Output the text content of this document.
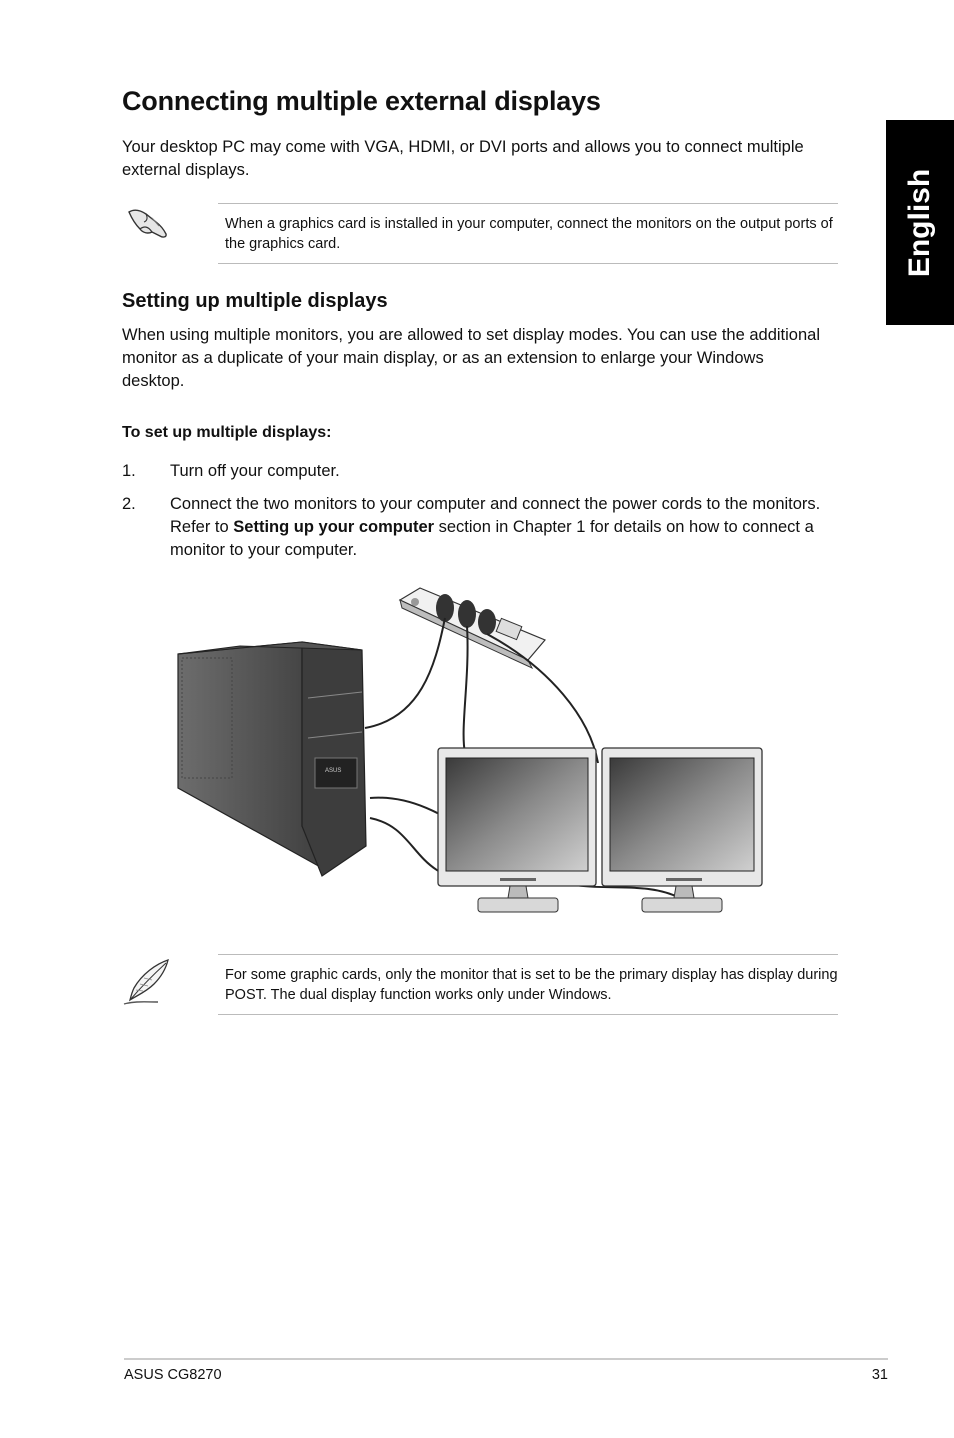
Connecting multiple external displays
Your desktop PC may come with VGA, HDMI, or DVI ports and allows you to connect multiple external displays.	English
When a graphics card is installed in your computer, connect the monitors on the output ports of the graphics card.
Setting up multiple displays
When using multiple monitors, you are allowed to set display modes. You can use the additional monitor as a duplicate of your main display, or as an extension to enlarge your Windows desktop.
To set up multiple displays:
1. Turn off your computer.
2. Connect the two monitors to your computer and connect the power cords to the monitors. Refer to Setting up your computer section in Chapter 1 for details on how to connect a monitor to your computer.
ASUS
For some graphic cards, only the monitor that is set to be the primary display has display during POST. The dual display function works only under Windows.
ASUS CG8270	31
